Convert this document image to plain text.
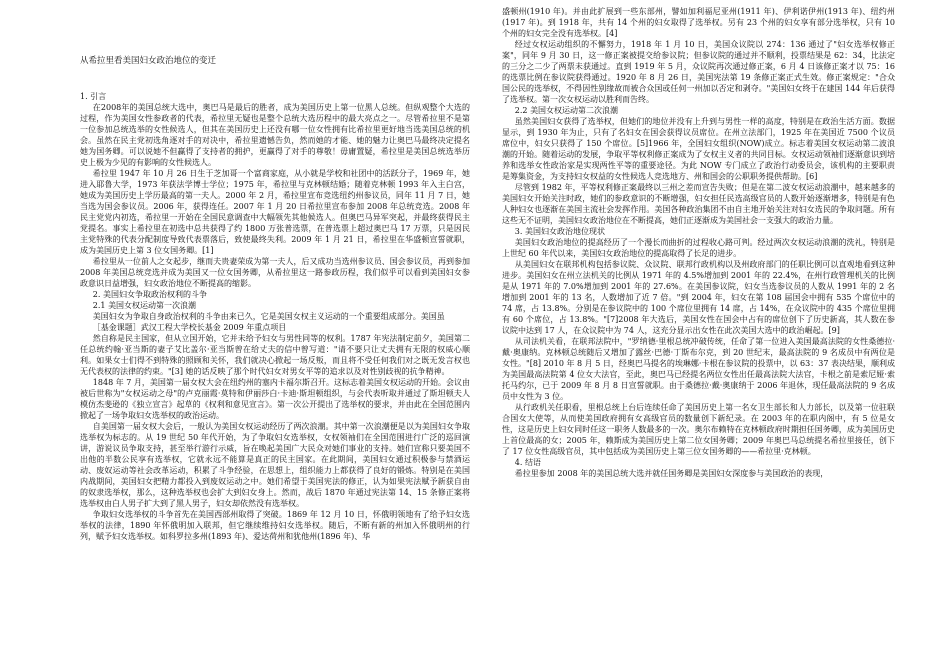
从希拉里看美国妇女政治地位的变迁

1. 引言

在2008年的美国总统大选中，奥巴马是最后的胜者，成为美国历史上第一位黑人总统。但纵观整个大选的过程，作为美国女性参政者的代表，希拉里无疑也是整个总统大选历程中的最大亮点之一。尽管希拉里不是第一位参加总统选举的女性候选人，但其在美国历史上还没有哪一位女性拥有比希拉里更好地当选美国总统的机会。虽然在民主党初选角逐对手的对决中，希拉里遗憾告负，然而她的才能、她的魅力让奥巴马最终决定提名她为国务卿。可以说她不但赢得了支持者的拥护，更赢得了对手的尊敬！毋庸置疑，希拉里是美国总统选举历史上极为少见的有影响的女性候选人。

希拉里 1947 年 10 月 26 日生于芝加哥一个富商家庭，从小就是学校和社团中的活跃分子，1969 年，她进入耶鲁大学，1973 年获法学博士学位；1975 年，希拉里与克林顿结婚；随着克林顿 1993 年入主白宫，她成为美国历史上学历最高的第一夫人。2000 年 2 月，希拉里宣布竞选纽约州参议员，同年 11 月 7 日，她当选为国会参议员。2006 年，获得连任。2007 年 1 月 20 日希拉里宣布参加 2008 年总统竞选。2008 年民主党党内初选，希拉里一开始在全国民意调查中大幅领先其他候选人。但奥巴马异军突起，并最终获得民主党提名。事实上希拉里在初选中总共获得了约 1800 万张普选票，在普选票上超过奥巴马 17 万票，只是因民主党特殊的代表分配制度导致代表票落后，致使最终失利。2009 年 1 月 21 日，希拉里在华盛顿宣誓就职，成为美国历史上第 3 位女国务卿。[1]

希拉里从一位前人之女起步，继而夫贵妻荣成为第一夫人，后又成功当选州参议员、国会参议员，再到参加 2008 年美国总统竞选并成为美国又一位女国务卿，从希拉里这一路参政历程，我们似乎可以看到美国妇女参政意识日益增强，妇女政治地位不断提高的缩影。

2. 美国妇女争取政治权利的斗争

2.1 美国女权运动第一次浪潮

美国妇女为争取自身政治权利的斗争由来已久，它是美国女权主义运动的一个重要组成部分。美国虽

［基金课题］武汉工程大学校长基金 2009 年重点项目

然自称是民主国家，但从立国开始，它并未给予妇女与男性同等的权利。1787 年宪法制定前夕，美国第二任总统约翰·亚当斯的妻子艾比盖尔·亚当斯曾在给丈夫的信中曾写道："请不要只让丈夫拥有无限的权威心顺利。如果女士们得不到特殊的照顾和关怀，我们就决心掀起一场反叛，而且将不受任何我们对之既无发言权也无代表权的法律的约束。"[3] 她的话反映了那个时代妇女对男女平等的追求以及对性别歧视的抗争精神。

1848 年 7 月，美国第一届女权大会在纽约州的塞内卡福尔斯召开。这标志着美国女权运动的开始。会议由被后世称为"女权运动之母"的卢克丽霞·莫特和伊丽莎白·卡迪·斯坦顿组织，与会代表听取并通过了斯坦顿夫人模仿杰斐逊的《独立宣言》起草的《权利和意见宣言》。第一次公开提出了选举权的要求，并由此在全国范围内掀起了一场争取妇女选举权的政治运动。

自美国第一届女权大会后，一般认为美国女权运动经历了两次浪潮。其中第一次浪潮便是以为美国妇女争取选举权为标志的。从 19 世纪 50 年代开始，为了争取妇女选举权，女权领袖们在全国范围进行广泛的巡回演讲，游说议员争取支持，甚至举行游行示威，旨在唤起美国广大民众对她们事业的支持。她们宣称只要美国不出他的半数公民享有选举权，它就永远不能算是真正的民主国家。在此期间，美国妇女通过积极参与禁酒运动、废奴运动等社会改革运动，积累了斗争经验，在思想上，组织能力上都获得了良好的锻炼。特别是在美国内战期间，美国妇女把精力都投入到废奴运动之中。她们希望于美国宪法的修正，认为如果宪法赋予新获自由的奴隶选举权，那么，这种选举权也会扩大到妇女身上。然而，战后 1870 年通过宪法第 14、15 条修正案将选举权由白人男子扩大到了黑人男子，妇女却依然没有选举权。

争取妇女选举权的斗争首先在美国西部州取得了突破。1869 年 12 月 10 日，怀俄明领地有了给予妇女选举权的法律，1890 年怀俄明加入联邦，但它继续维持妇女选举权。随后，不断有新的州加入怀俄明州的行列，赋予妇女选举权。如科罗拉多州(1893 年)、爱达荷州和犹他州(1896 年)、华

盛顿州(1910 年)。并由此扩展到一些东部州，譬如加利福尼亚州(1911 年)、伊利诺伊州(1913 年)、纽约州(1917 年)。到 1918 年，共有 14 个州的妇女取得了选举权。另有 23 个州的妇女享有部分选举权，只有 10 个州的妇女完全没有选举权。[4]

经过女权运动组织的不懈努力，1918 年 1 月 10 日，美国众议院以 274：136 通过了"妇女选举权修正案"，同年 9 月 30 日，这一修正案被提交给参议院；但参议院的通过并不顺利，投票结果是 62：34，比法定的三分之二少了两票未获通过。直到 1919 年 5 月，众议院再次通过修正案，6 月 4 日该修正案才以 75：16 的选票比例在参议院获得通过。1920 年 8 月 26 日，美国宪法第 19 条修正案正式生效。修正案规定："合众国公民的选举权，不得因性别缘故而被合众国或任何一州加以否定和剥夺。"美国妇女终于在建国 144 年后获得了选举权。第一次女权运动以胜利而告终。

2.2 美国女权运动第二次浪潮

虽然美国妇女获得了选举权，但她们的地位并没有上升到与男性一样的高度，特别是在政治生活方面。数据显示，到 1930 年为止，只有了名妇女在国会获得议员席位。在州立法部门，1925 年在美国近 7500 个议员席位中，妇女只获得了 150 个席位。[5]1966 年，全国妇女组织(NOW)成立。标志着美国女权运动第二波浪潮的开始。随着运动的发展，争取平等权利修正案成为了女权主义者的共同目标。女权运动领袖们逐渐意识到培养和选举女性政治家是实现两性平等的重要途径。为此 NOW 专门成立了政治行动委员会，该机构的主要职责是筹集资金，为支持妇女权益的女性候选人竞选地方、州和国会的公职职务提供帮助。[6]

尽管到 1982 年，平等权利修正案最终以三州之差而宣告失败；但是在第二波女权运动浪潮中，越来越多的美国妇女开始关注时政，她们的参政意识的不断增强，妇女担任民选高级官员的人数开始逐渐增多，特别是有色人种妇女也逐渐在美国主流社会发挥作用。美国各种政治集团不由自主地开始关注对妇女选民的争取问题。所有这些无不证明，美国妇女政治地位在不断提高，她们正逐渐成为美国社会一支强大的政治力量。

3. 美国妇女政治地位现状

美国妇女政治地位的提高经历了一个漫长而曲折的过程收心路可判。经过两次女权运动浪潮的洗礼，特别是上世纪 60 年代以来，美国妇女政治地位的提高取得了长足的进步。

从美国妇女在联邦机构包括参议院、众议院、联邦行政机构以及州政府部门的任职比例可以直观地看到这种进步。美国妇女在州立法机关的比例从 1971 年的 4.5%增加到 2001 年的 22.4%，在州行政管理机关的比例是从 1971 年的 7.0%增加到 2001 年的 27.6%。在美国参议院，妇女当选参议员的人数从 1991 年的 2 名增加到 2001 年的 13 名，人数增加了近 7 倍。"到 2004 年，妇女在第 108 届国会中拥有 535 个席位中的 74 席，占 13.8%。分别是在参议院中的 100 个席位里拥有 14 席，占 14%，在众议院中的 435 个席位里拥有 60 个席位，占 13.8%。"[7]2008 年大选后，美国女性在国会中占有的席位创下了历史新高，其人数在参议院中达到 17 人，在众议院中为 74 人，这充分显示出女性在此次美国大选中的政治崛起。[9]

从司法机关看，在联邦法院中，"罗纳德·里根总统冲破传统，任命了第一位进入美国最高法院的女性桑德拉·戴·奥康纳。克林顿总统随后又增加了露丝·巴德·丁斯布尔克，到 20 世纪末，最高法院的 9 名成员中有两位是女性。"[8] 2010 年 8 月 5 日，经奥巴马提名的埃琳娜·卡根在参议院的投票中，以 63：37 表决结果，顺利成为美国最高法院第 4 位女大法官，至此，奥巴马已经提名两位女性出任最高法院大法官，卡根之前是索尼娅·索托马约尔，已于 2009 年 8 月 8 日宣誓就职。由于桑德拉·戴·奥康纳于 2006 年退休，现任最高法院的 9 名成员中女性为 3 位。

从行政机关任职看，里根总统上台后连续任命了美国历史上第一名女卫生部长和人力部长，以及第一位驻联合国女大使等，从而使美国政府拥有女高级官员的数量创下新纪录。在 2003 年的在职内阁中，有 5 位是女性，这是历史上妇女同时任这一职务人数最多的一次。奥尔布赖特在克林顿政府时期担任国务卿，成为美国历史上首位最高的女；2005 年，赖斯成为美国历史上第二位女国务卿；2009 年奥巴马总统提名希拉里接任，创下了 17 位女性高级官员，其中包括成为美国历史上第三位女国务卿的——希拉里·克林顿。

4. 结语

希拉里参加 2008 年的美国总统大选并就任国务卿是美国妇女深度参与美国政治的表现，
